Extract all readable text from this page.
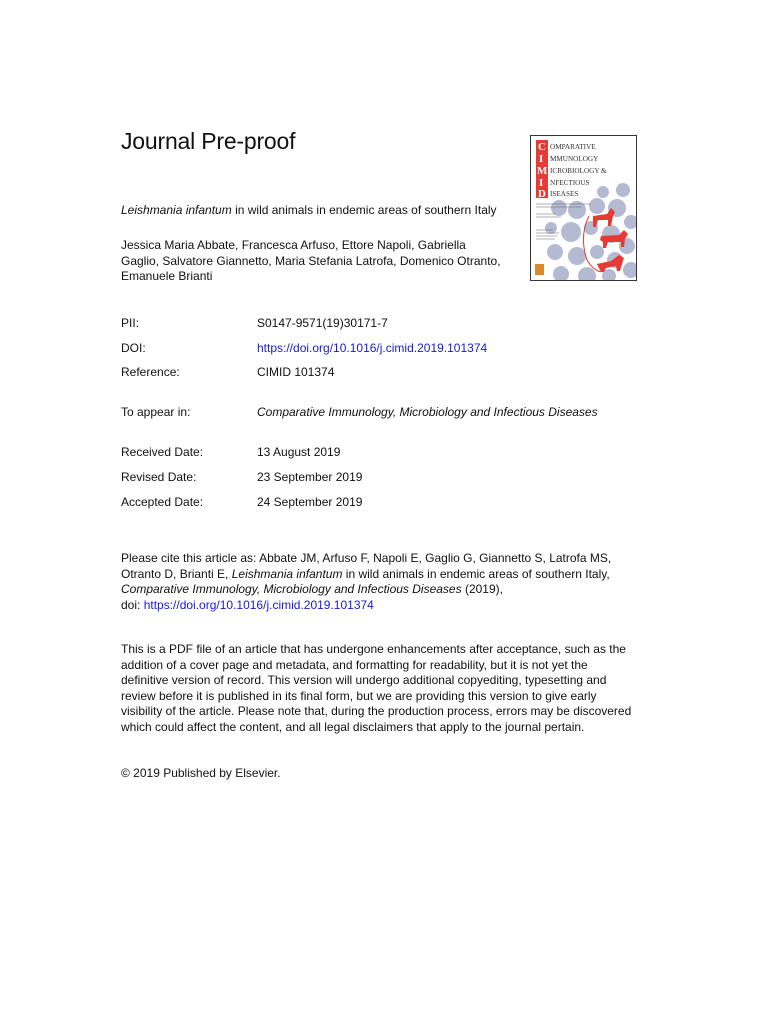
Journal Pre-proof	C
I
M
I
D
OMPARATIVE
MMUNOLOGY
ICROBIOLOGY &
NFECTIOUS
ISEASES
Leishmania infantum in wild animals in endemic areas of southern Italy
Jessica Maria Abbate, Francesca Arfuso, Ettore Napoli, Gabriella Gaglio, Salvatore Giannetto, Maria Stefania Latrofa, Domenico Otranto, Emanuele Brianti
PII:	S0147-9571(19)30171-7
DOI:	https://doi.org/10.1016/j.cimid.2019.101374
Reference:	CIMID 101374
To appear in:	Comparative Immunology, Microbiology and Infectious Diseases
Received Date:	13 August 2019
Revised Date:	23 September 2019
Accepted Date:	24 September 2019
Please cite this article as: Abbate JM, Arfuso F, Napoli E, Gaglio G, Giannetto S, Latrofa MS, Otranto D, Brianti E, Leishmania infantum in wild animals in endemic areas of southern Italy, Comparative Immunology, Microbiology and Infectious Diseases (2019),
doi: https://doi.org/10.1016/j.cimid.2019.101374
This is a PDF file of an article that has undergone enhancements after acceptance, such as the addition of a cover page and metadata, and formatting for readability, but it is not yet the definitive version of record. This version will undergo additional copyediting, typesetting and review before it is published in its final form, but we are providing this version to give early visibility of the article. Please note that, during the production process, errors may be discovered which could affect the content, and all legal disclaimers that apply to the journal pertain.
© 2019 Published by Elsevier.
